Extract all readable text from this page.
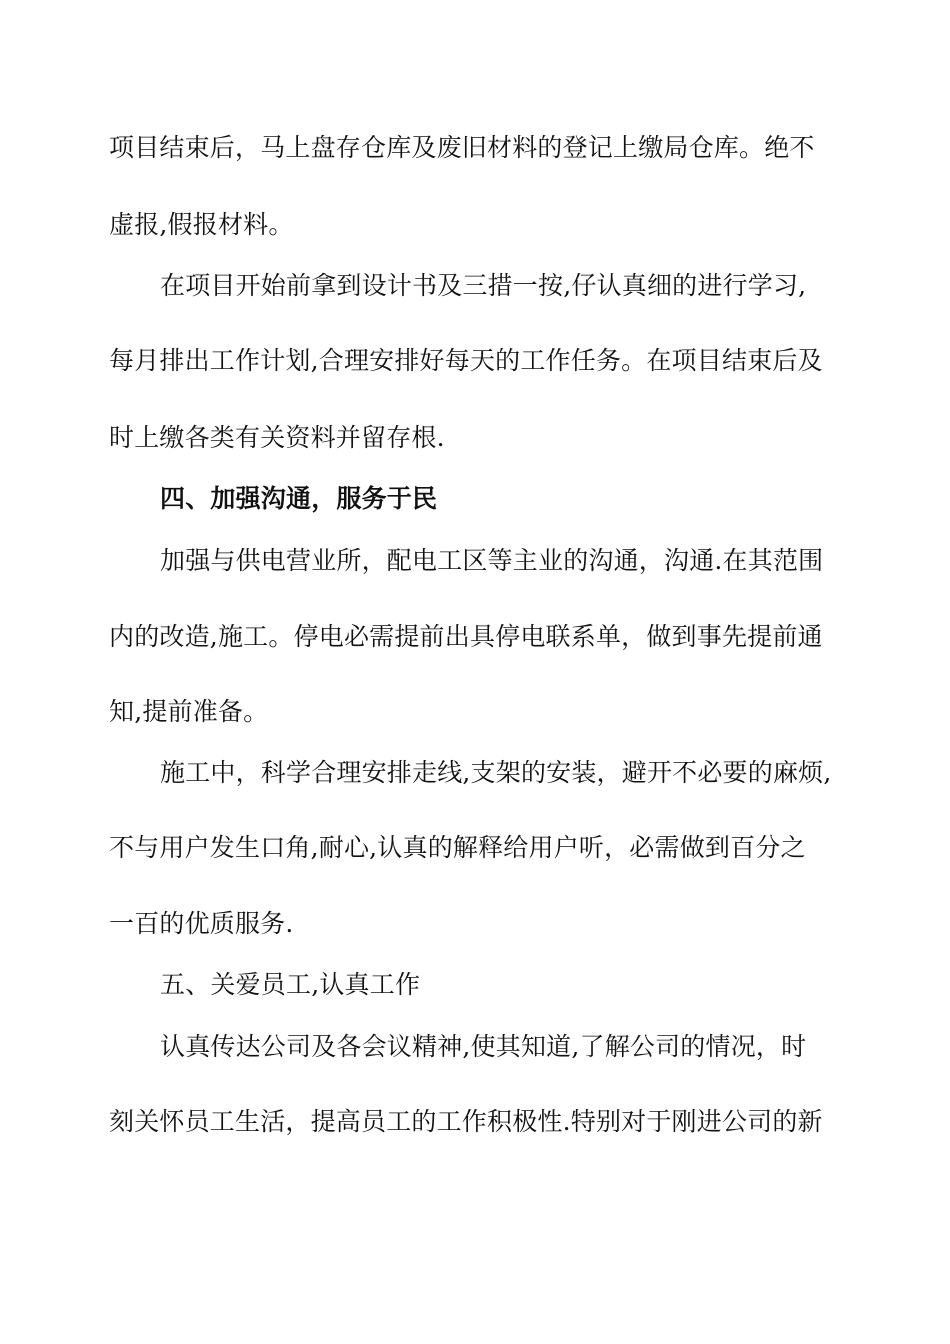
项目结束后，马上盘存仓库及废旧材料的登记上缴局仓库。绝不
虚报,假报材料。
在项目开始前拿到设计书及三措一按,仔认真细的进行学习,
每月排出工作计划,合理安排好每天的工作任务。在项目结束后及
时上缴各类有关资料并留存根.
四、加强沟通，服务于民
加强与供电营业所，配电工区等主业的沟通，沟通.在其范围
内的改造,施工。停电必需提前出具停电联系单，做到事先提前通
知,提前准备。
施工中，科学合理安排走线,支架的安装，避开不必要的麻烦,
不与用户发生口角,耐心,认真的解释给用户听，必需做到百分之
一百的优质服务.
五、关爱员工,认真工作
认真传达公司及各会议精神,使其知道,了解公司的情况，时
刻关怀员工生活，提高员工的工作积极性.特别对于刚进公司的新
